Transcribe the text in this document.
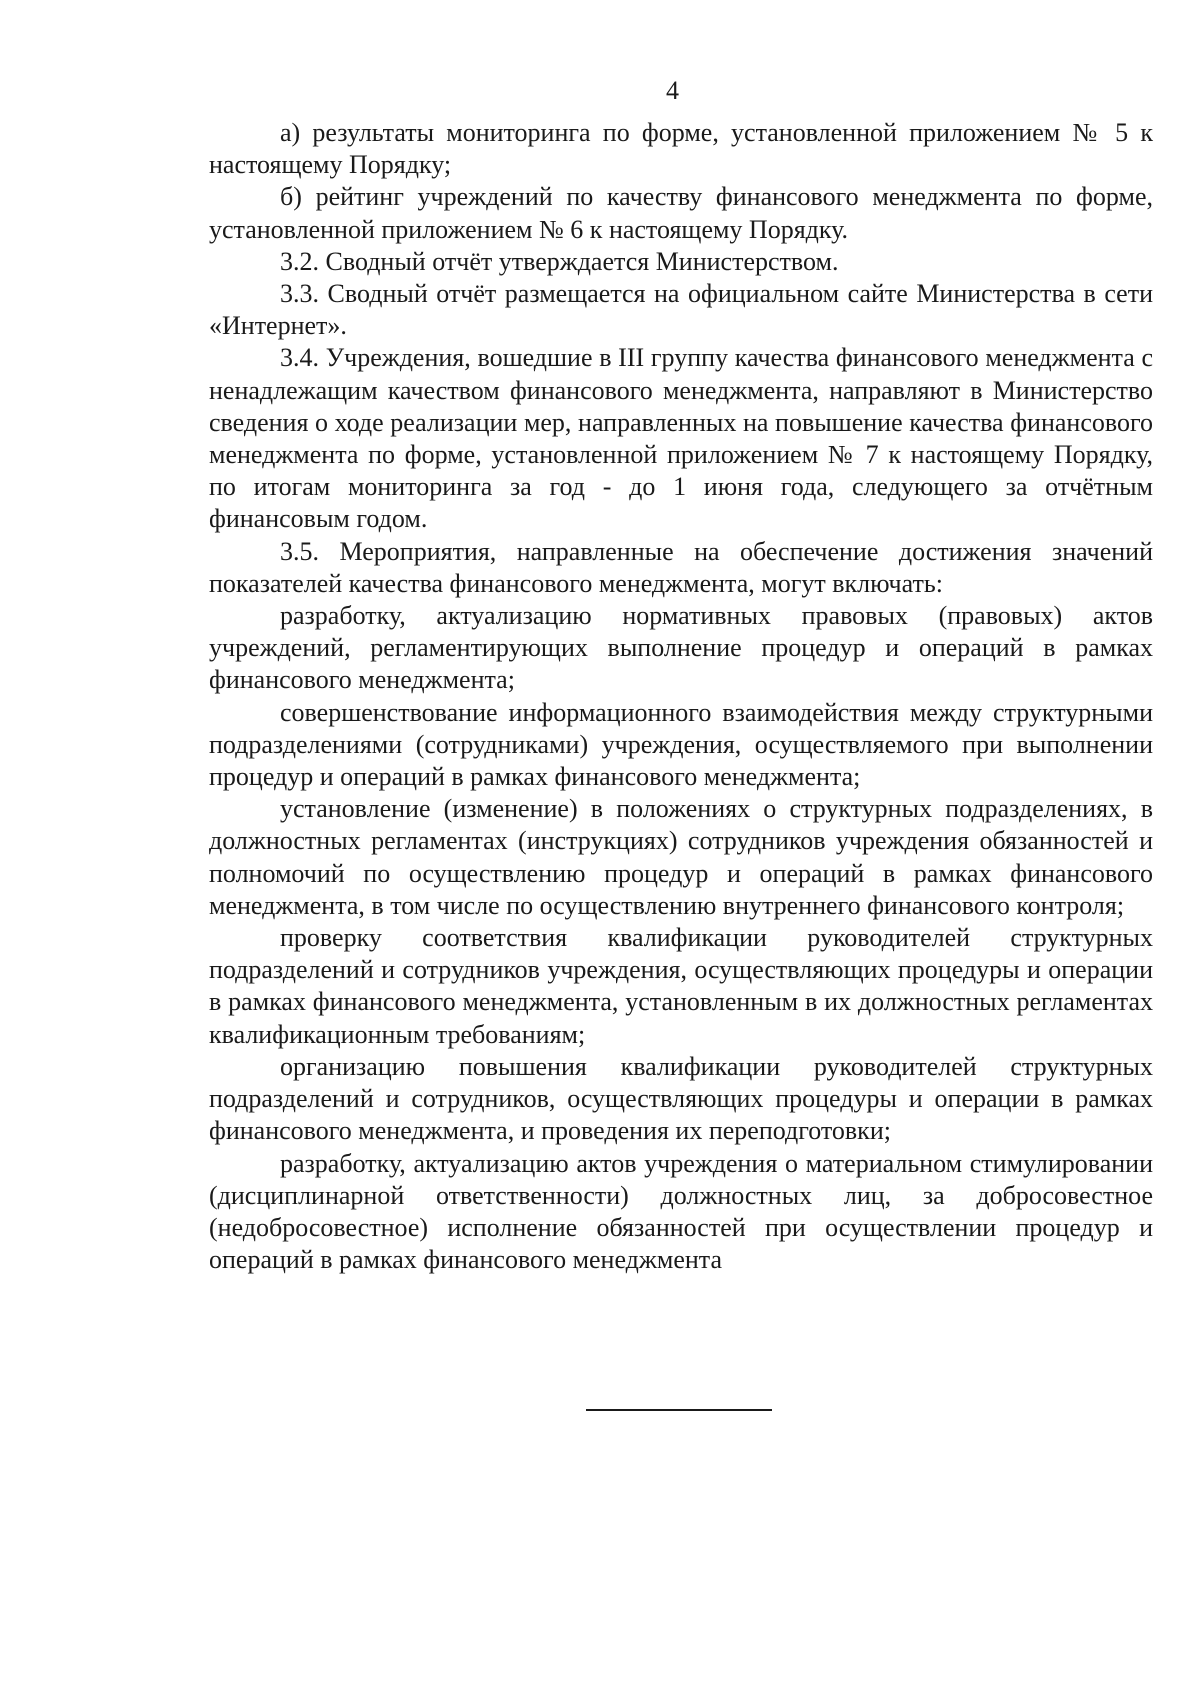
4

а) результаты мониторинга по форме, установленной приложением № 5 к настоящему Порядку;

б) рейтинг учреждений по качеству финансового менеджмента по форме, установленной приложением № 6 к настоящему Порядку.

3.2. Сводный отчёт утверждается Министерством.

3.3. Сводный отчёт размещается на официальном сайте Министерства в сети «Интернет».

3.4. Учреждения, вошедшие в III группу качества финансового менеджмента с ненадлежащим качеством финансового менеджмента, направляют в Министерство сведения о ходе реализации мер, направленных на повышение качества финансового менеджмента по форме, установленной приложением № 7 к настоящему Порядку, по итогам мониторинга за год - до 1 июня года, следующего за отчётным финансовым годом.

3.5. Мероприятия, направленные на обеспечение достижения значений показателей качества финансового менеджмента, могут включать:

разработку, актуализацию нормативных правовых (правовых) актов учреждений, регламентирующих выполнение процедур и операций в рамках финансового менеджмента;

совершенствование информационного взаимодействия между структурными подразделениями (сотрудниками) учреждения, осуществляемого при выполнении процедур и операций в рамках финансового менеджмента;

установление (изменение) в положениях о структурных подразделениях, в должностных регламентах (инструкциях) сотрудников учреждения обязанностей и полномочий по осуществлению процедур и операций в рамках финансового менеджмента, в том числе по осуществлению внутреннего финансового контроля;

проверку соответствия квалификации руководителей структурных подразделений и сотрудников учреждения, осуществляющих процедуры и операции в рамках финансового менеджмента, установленным в их должностных регламентах квалификационным требованиям;

организацию повышения квалификации руководителей структурных подразделений и сотрудников, осуществляющих процедуры и операции в рамках финансового менеджмента, и проведения их переподготовки;

разработку, актуализацию актов учреждения о материальном стимулировании (дисциплинарной ответственности) должностных лиц, за добросовестное (недобросовестное) исполнение обязанностей при осуществлении процедур и операций в рамках финансового менеджмента
